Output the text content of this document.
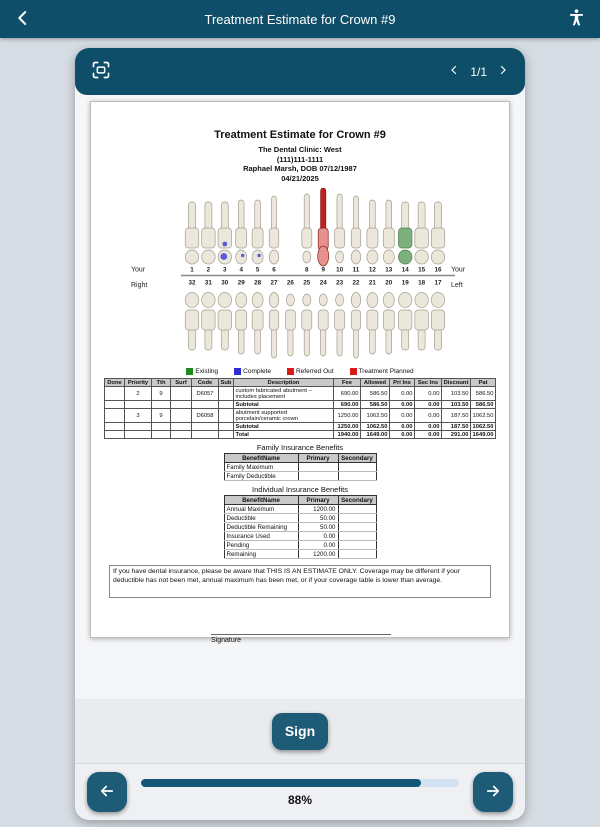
Treatment Estimate for Crown #9
1/1
Treatment Estimate for Crown #9
The Dental Clinic: West
(111)111-1111
Raphael Marsh, DOB 07/12/1987
04/21/2025
Your
Right
Your
Left
1
32
2
31
3
30
4
29
5
28
6
27 26
8
25
9
24
10
23
11
22
12
21
13
20
14
19
15
18
16
17
Existing	Complete	Referred Out	Treatment Planned
Done	Priority	Tth	Surf	Code	Sub	Description	Fee	Allowed	Pri Ins	Sec Ins	Discount	Pat
	2	9		D6057		custom fabricated abutment – includes placement	690.00	586.50	0.00	0.00	103.50	586.50
						Subtotal	690.00	586.50	0.00	0.00	103.50	586.50
	3	9		D6058		abutment supported porcelain/ceramic crown	1250.00	1062.50	0.00	0.00	187.50	1062.50
						Subtotal	1250.00	1062.50	0.00	0.00	187.50	1062.50
						Total	1940.00	1649.00	0.00	0.00	291.00	1649.00
Family Insurance Benefits
BenefitName	Primary	Secondary
Family Maximum		
Family Deductible		
Individual Insurance Benefits
BenefitName	Primary	Secondary
Annual Maximum	1200.00	
Deductible	50.00	
Deductible Remaining	50.00	
Insurance Used	0.00	
Pending	0.00	
Remaining	1200.00	
If you have dental insurance, please be aware that THIS IS AN ESTIMATE ONLY. Coverage may be different if your deductible has not been met, annual maximum has been met, or if your coverage table is lower than average.
Signature
Sign
88%
